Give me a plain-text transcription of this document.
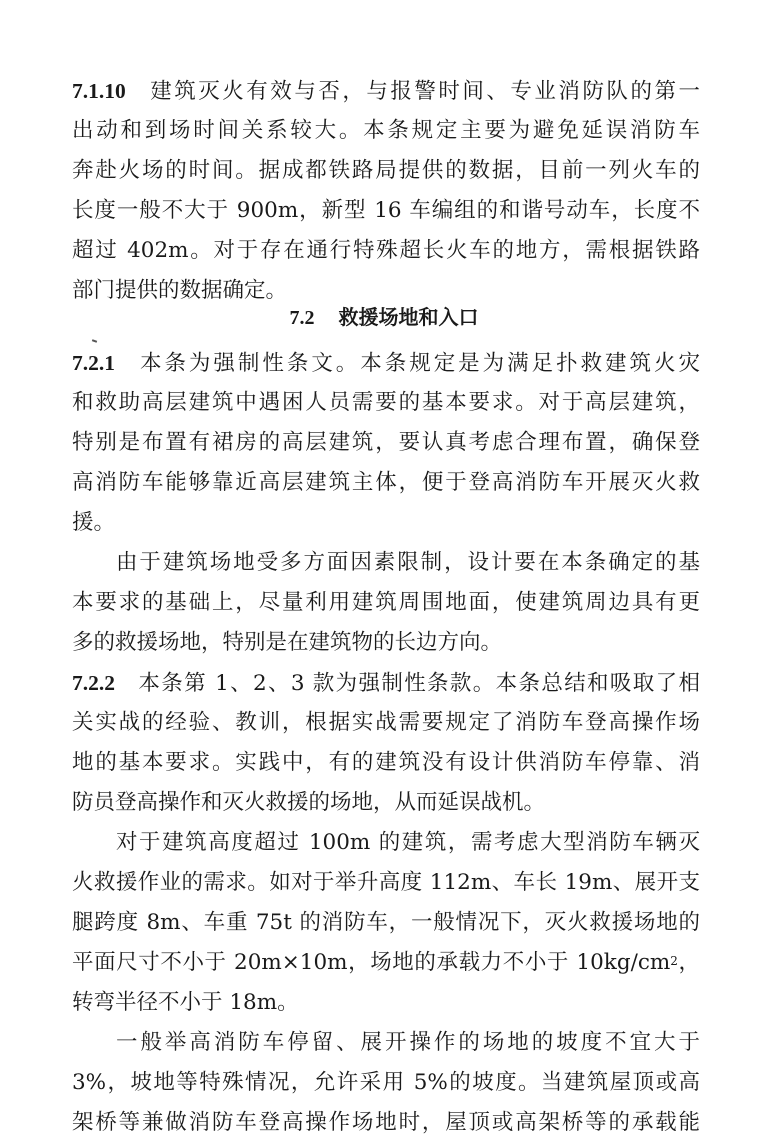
7.1.10 建筑灭火有效与否，与报警时间、专业消防队的第一
出动和到场时间关系较大。本条规定主要为避免延误消防车
奔赴火场的时间。据成都铁路局提供的数据，目前一列火车的
长度一般不大于 900m，新型 16 车编组的和谐号动车，长度不
超过 402m。对于存在通行特殊超长火车的地方，需根据铁路
部门提供的数据确定。
7.2 救援场地和入口
7.2.1 本条为强制性条文。本条规定是为满足扑救建筑火灾
和救助高层建筑中遇困人员需要的基本要求。对于高层建筑，
特别是布置有裙房的高层建筑，要认真考虑合理布置，确保登
高消防车能够靠近高层建筑主体，便于登高消防车开展灭火救
援。
由于建筑场地受多方面因素限制，设计要在本条确定的基
本要求的基础上，尽量利用建筑周围地面，使建筑周边具有更
多的救援场地，特别是在建筑物的长边方向。
7.2.2 本条第 1、2、3 款为强制性条款。本条总结和吸取了相
关实战的经验、教训，根据实战需要规定了消防车登高操作场
地的基本要求。实践中，有的建筑没有设计供消防车停靠、消
防员登高操作和灭火救援的场地，从而延误战机。
对于建筑高度超过 100m 的建筑，需考虑大型消防车辆灭
火救援作业的需求。如对于举升高度 112m、车长 19m、展开支
腿跨度 8m、车重 75t 的消防车，一般情况下，灭火救援场地的
平面尺寸不小于 20m×10m，场地的承载力不小于 $10kg/cm^2$，
转弯半径不小于 18m。
一般举高消防车停留、展开操作的场地的坡度不宜大于
3%，坡地等特殊情况，允许采用 5%的坡度。当建筑屋顶或高
架桥等兼做消防车登高操作场地时，屋顶或高架桥等的承载能
